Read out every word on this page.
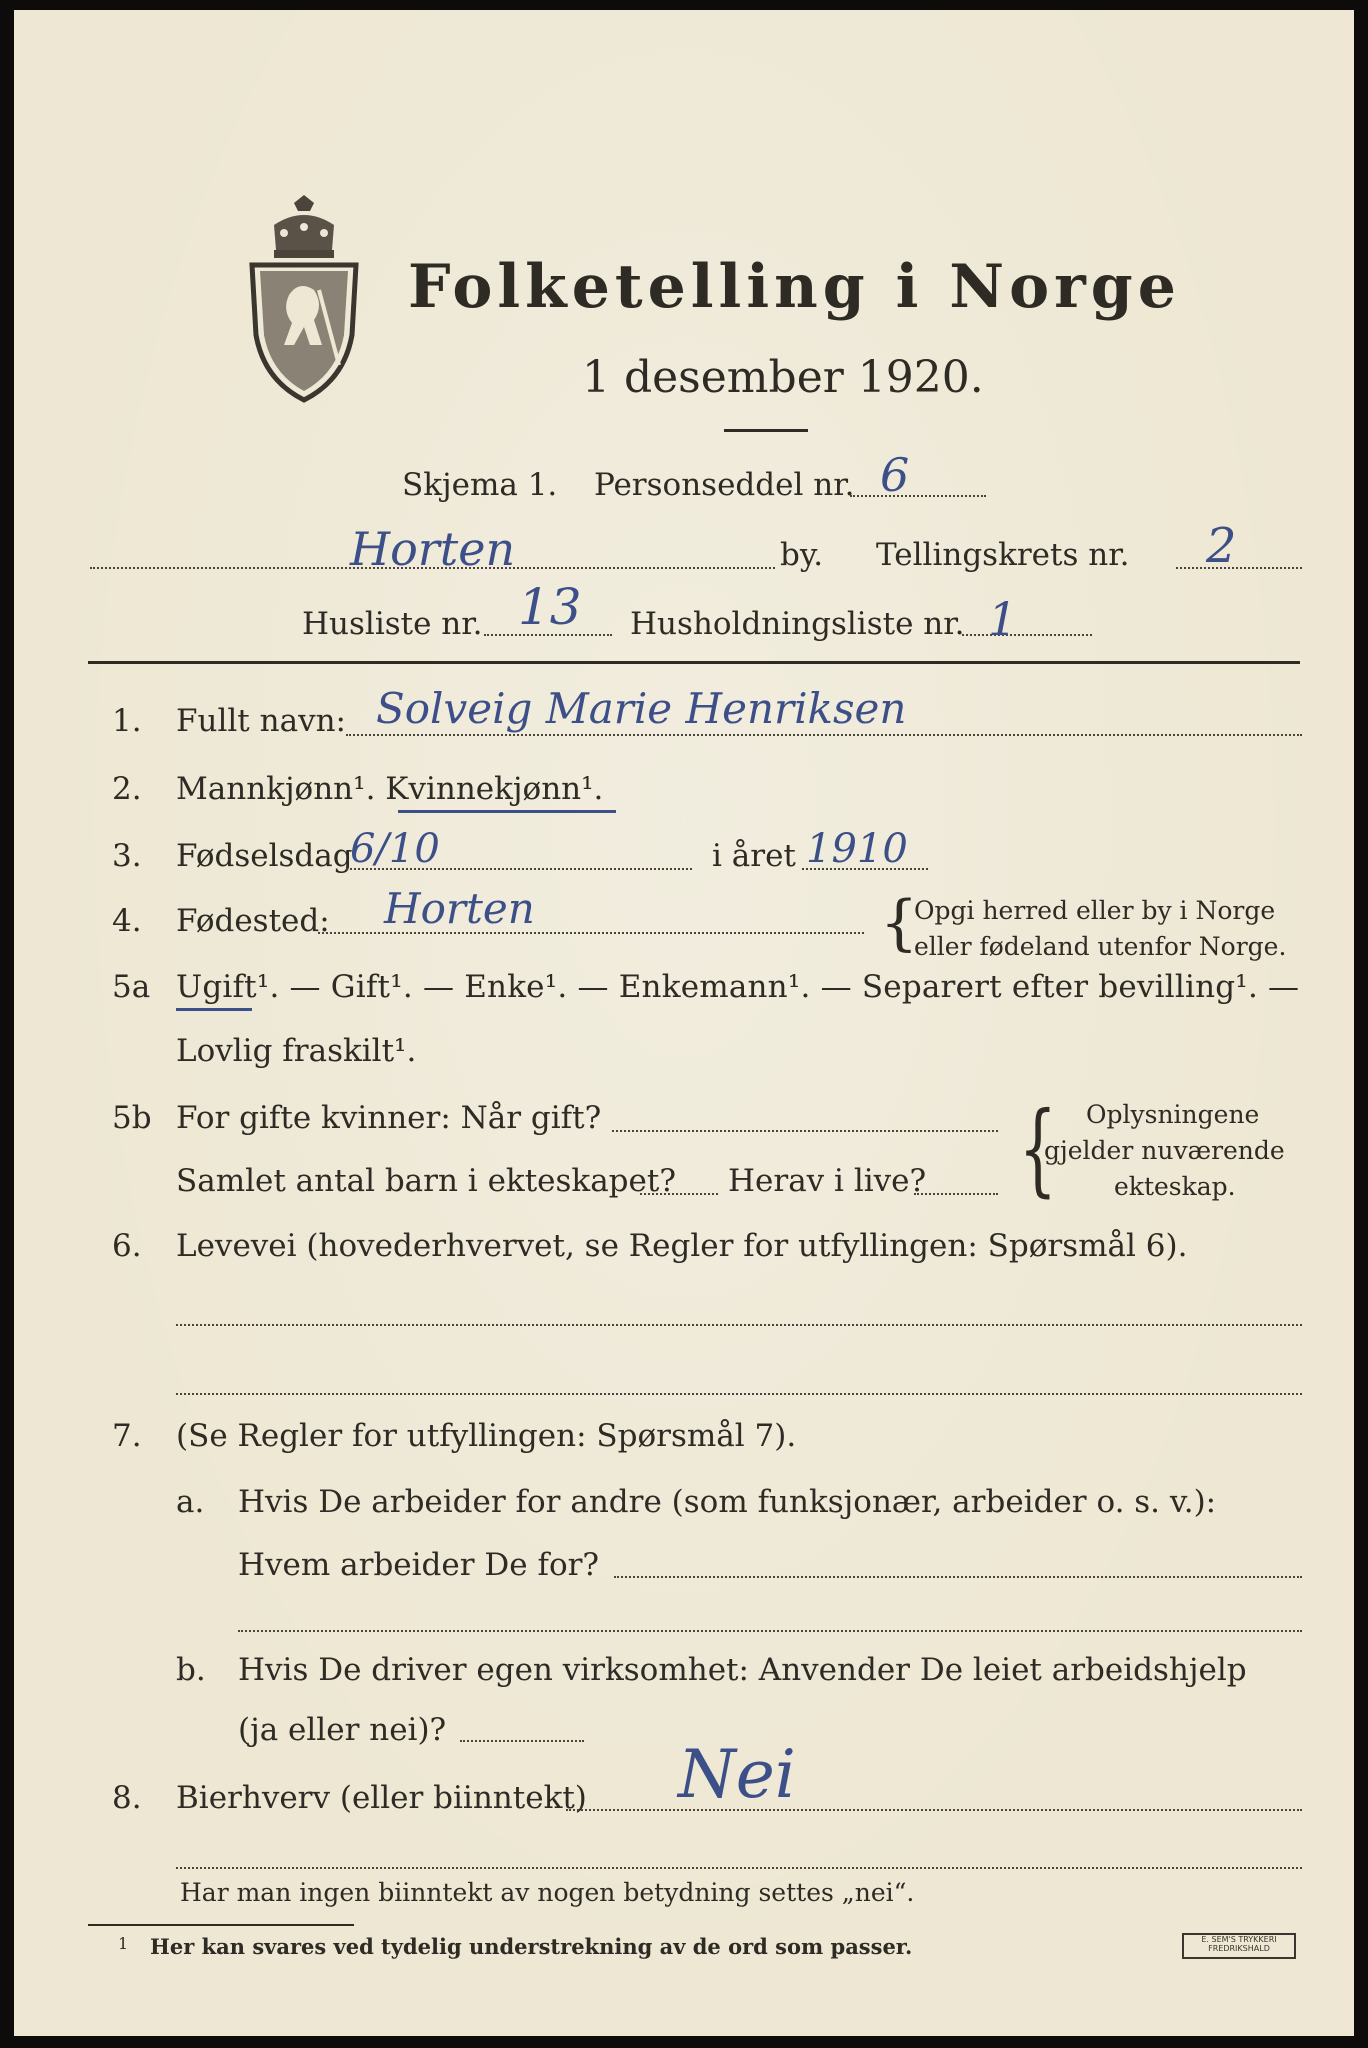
Folketelling i Norge
1 desember 1920.
Skjema 1. Personseddel nr. 6
Horten	by. Tellingskrets nr. 2
Husliste nr. 13 Husholdningsliste nr. 1
1. Fullt navn: Solveig Marie Henriksen
2. Mannkjønn¹. Kvinnekjønn¹.
3. Fødselsdag
6/10	i året 1910
4. Fødested: Horten	{
Opgi herred eller by i Norge
eller fødeland utenfor Norge.
5a Ugift¹. — Gift¹. — Enke¹. — Enkemann¹. — Separert efter bevilling¹. —
Lovlig fraskilt¹.
5b For gifte kvinner: Når gift?
Samlet antal barn i ekteskapet? Herav i live? { Oplysningene
gjelder nuværende
ekteskap.
6. Levevei (hovederhvervet, se Regler for utfyllingen: Spørsmål 6).
7. (Se Regler for utfyllingen: Spørsmål 7).
a. Hvis De arbeider for andre (som funksjonær, arbeider o. s. v.):
Hvem arbeider De for?
b. Hvis De driver egen virksomhet: Anvender De leiet arbeidshjelp
(ja eller nei)?
8. Bierhverv (eller biinntekt) Nei
Har man ingen biinntekt av nogen betydning settes „nei“.
1 Her kan svares ved tydelig understrekning av de ord som passer.	E. SEM'S TRYKKERI
FREDRIKSHALD
